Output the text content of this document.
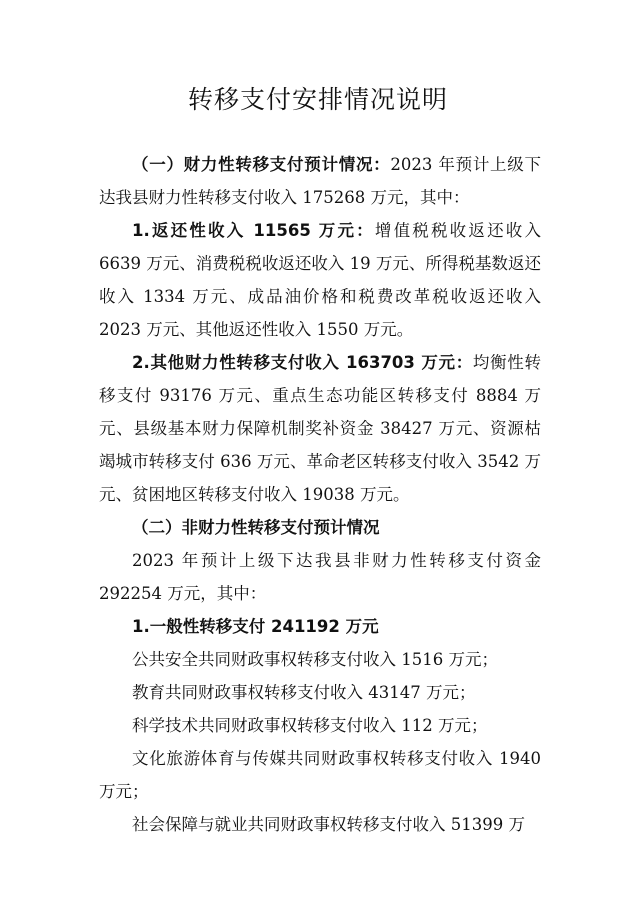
转移支付安排情况说明

（一）财力性转移支付预计情况：2023 年预计上级下达我县财力性转移支付收入 175268 万元，其中：

1.返还性收入 11565 万元：增值税税收返还收入 6639 万元、消费税税收返还收入 19 万元、所得税基数返还收入 1334 万元、成品油价格和税费改革税收返还收入 2023 万元、其他返还性收入 1550 万元。

2.其他财力性转移支付收入 163703 万元：均衡性转移支付 93176 万元、重点生态功能区转移支付 8884 万元、县级基本财力保障机制奖补资金 38427 万元、资源枯竭城市转移支付 636 万元、革命老区转移支付收入 3542 万元、贫困地区转移支付收入 19038 万元。

（二）非财力性转移支付预计情况

2023 年预计上级下达我县非财力性转移支付资金 292254 万元，其中：

1.一般性转移支付 241192 万元

公共安全共同财政事权转移支付收入 1516 万元；

教育共同财政事权转移支付收入 43147 万元；

科学技术共同财政事权转移支付收入 112 万元；

文化旅游体育与传媒共同财政事权转移支付收入 1940 万元；

社会保障与就业共同财政事权转移支付收入 51399 万
